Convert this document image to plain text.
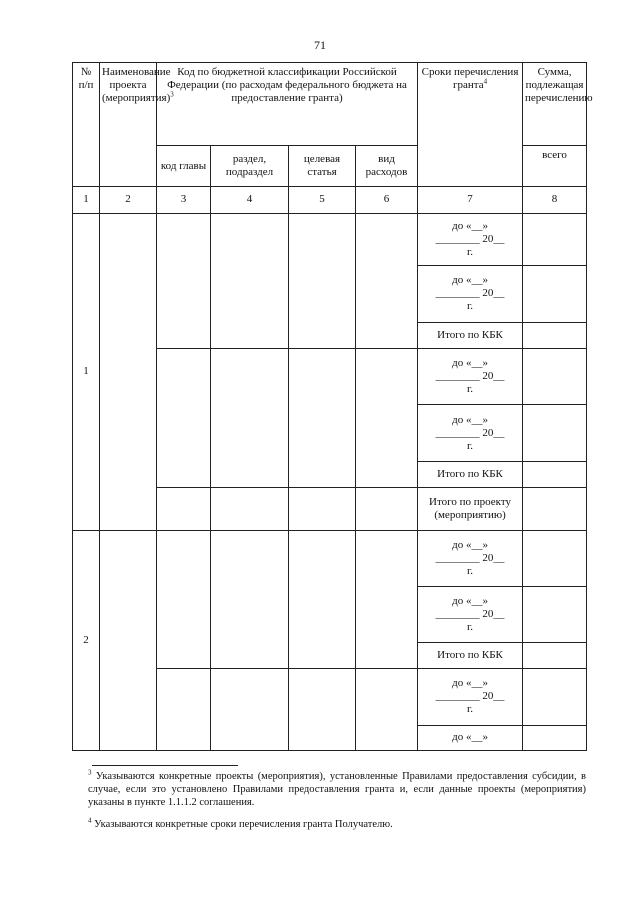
71
№ п/п	Наименование проекта (мероприятия)$^3$	Код по бюджетной классификации Российской Федерации (по расходам федерального бюджета на предоставление гранта)				Сроки перечисления гранта$^4$	Сумма, подлежащая перечислению
		код главы	раздел, подраздел	целевая статья	вид расходов		всего
1	2	3	4	5	6	7	8
1						до «__»
________ 20__
г.	

						до «__»
________ 20__
г.	

						Итого по КБК	

						до «__»
________ 20__
г.	

						до «__»
________ 20__
г.	

						Итого по КБК	
						Итого по проекту (мероприятию)	
2						до «__»
________ 20__
г.	

						до «__»
________ 20__
г.	

						Итого по КБК	

						до «__»
________ 20__
г.	

						до «__»	
$^3$ Указываются конкретные проекты (мероприятия), установленные Правилами предоставления субсидии, в случае, если это установлено Правилами предоставления гранта и, если данные проекты (мероприятия) указаны в пункте 1.1.1.2 соглашения.
$^4$ Указываются конкретные сроки перечисления гранта Получателю.
